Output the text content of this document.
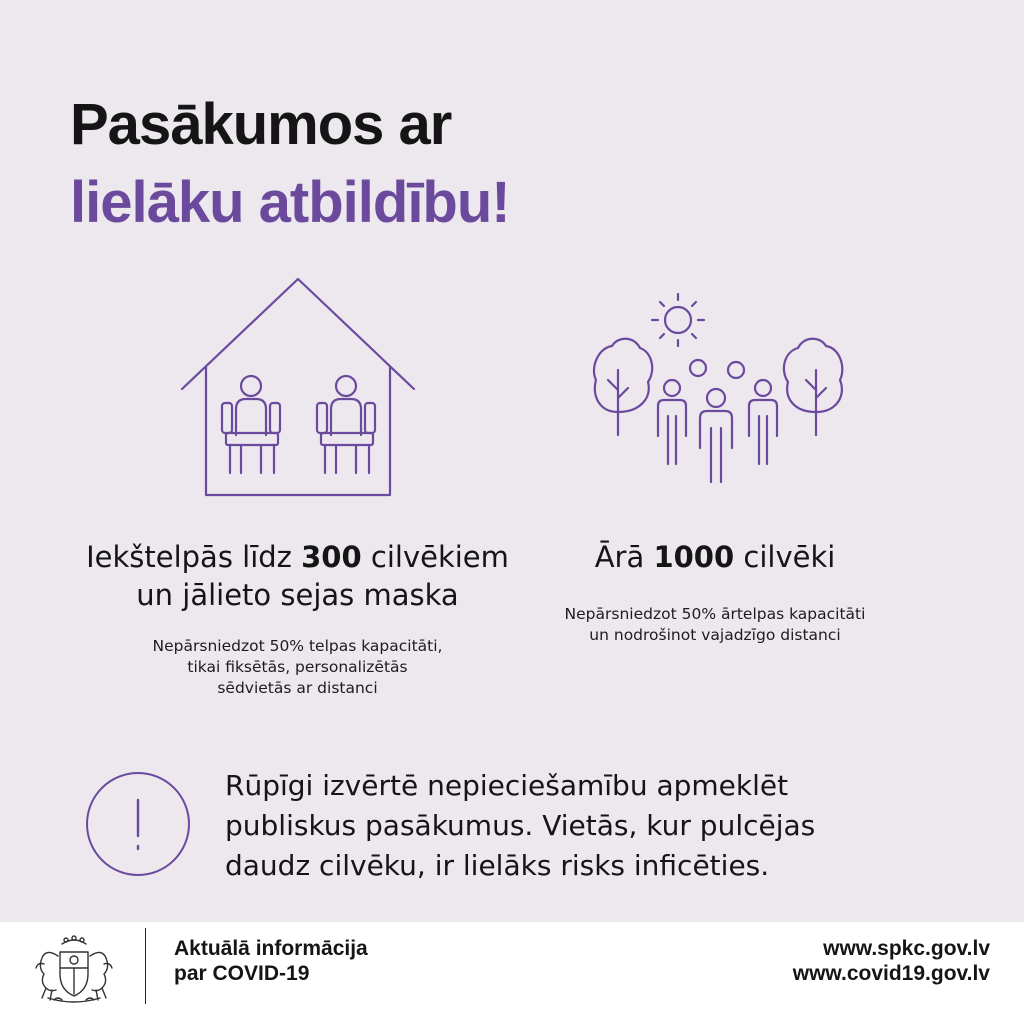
Pasākumos ar
lielāku atbildību!
Iekštelpās līdz 300 cilvēkiem
un jālieto sejas maska
Nepārsniedzot 50% telpas kapacitāti,
tikai fiksētās, personalizētās
sēdvietās ar distanci
Ārā 1000 cilvēki
Nepārsniedzot 50% ārtelpas kapacitāti
un nodrošinot vajadzīgo distanci
Rūpīgi izvērtē nepieciešamību apmeklēt
publiskus pasākumus. Vietās, kur pulcējas
daudz cilvēku, ir lielāks risks inficēties.
Aktuālā informācija
par COVID-19
www.spkc.gov.lv
www.covid19.gov.lv
